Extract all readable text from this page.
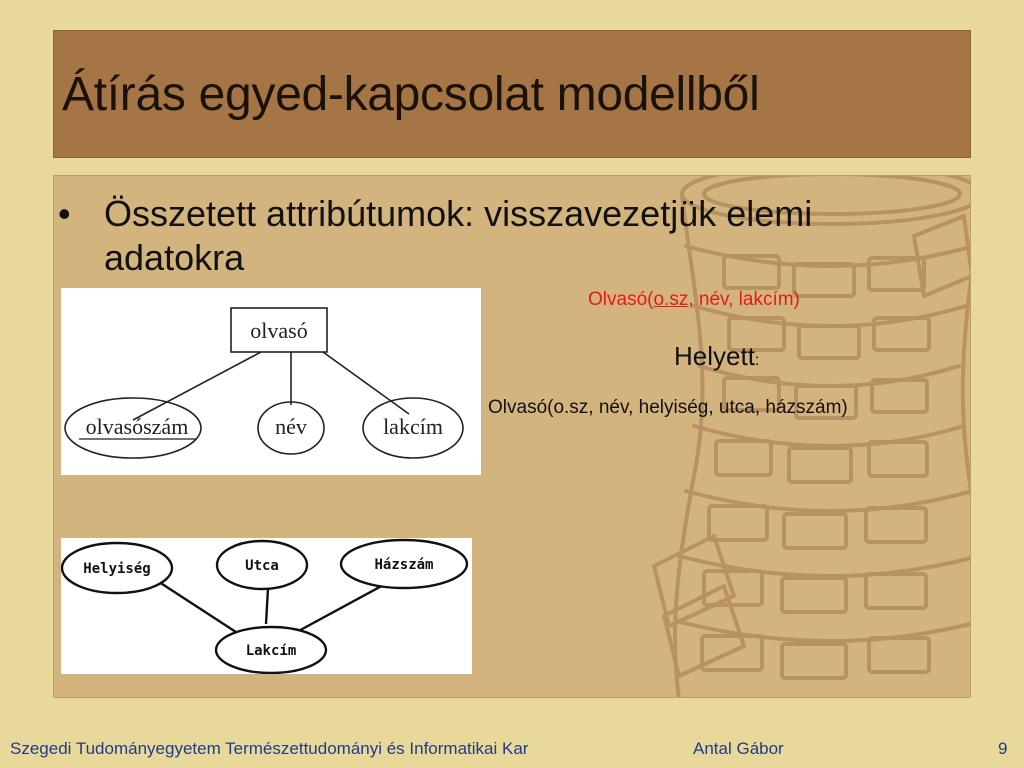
Átírás egyed-kapcsolat modellből
• Összetett attribútumok: visszavezetjük elemi adatokra
olvasó
olvasószám	név	lakcím
Helyiség	Utca	Házszám
Lakcím
Olvasó(o.sz, név, lakcím)
Helyett:
Olvasó(o.sz, név, helyiség, utca, házszám)
Szegedi Tudományegyetem Természettudományi és Informatikai Kar	Antal Gábor	9
